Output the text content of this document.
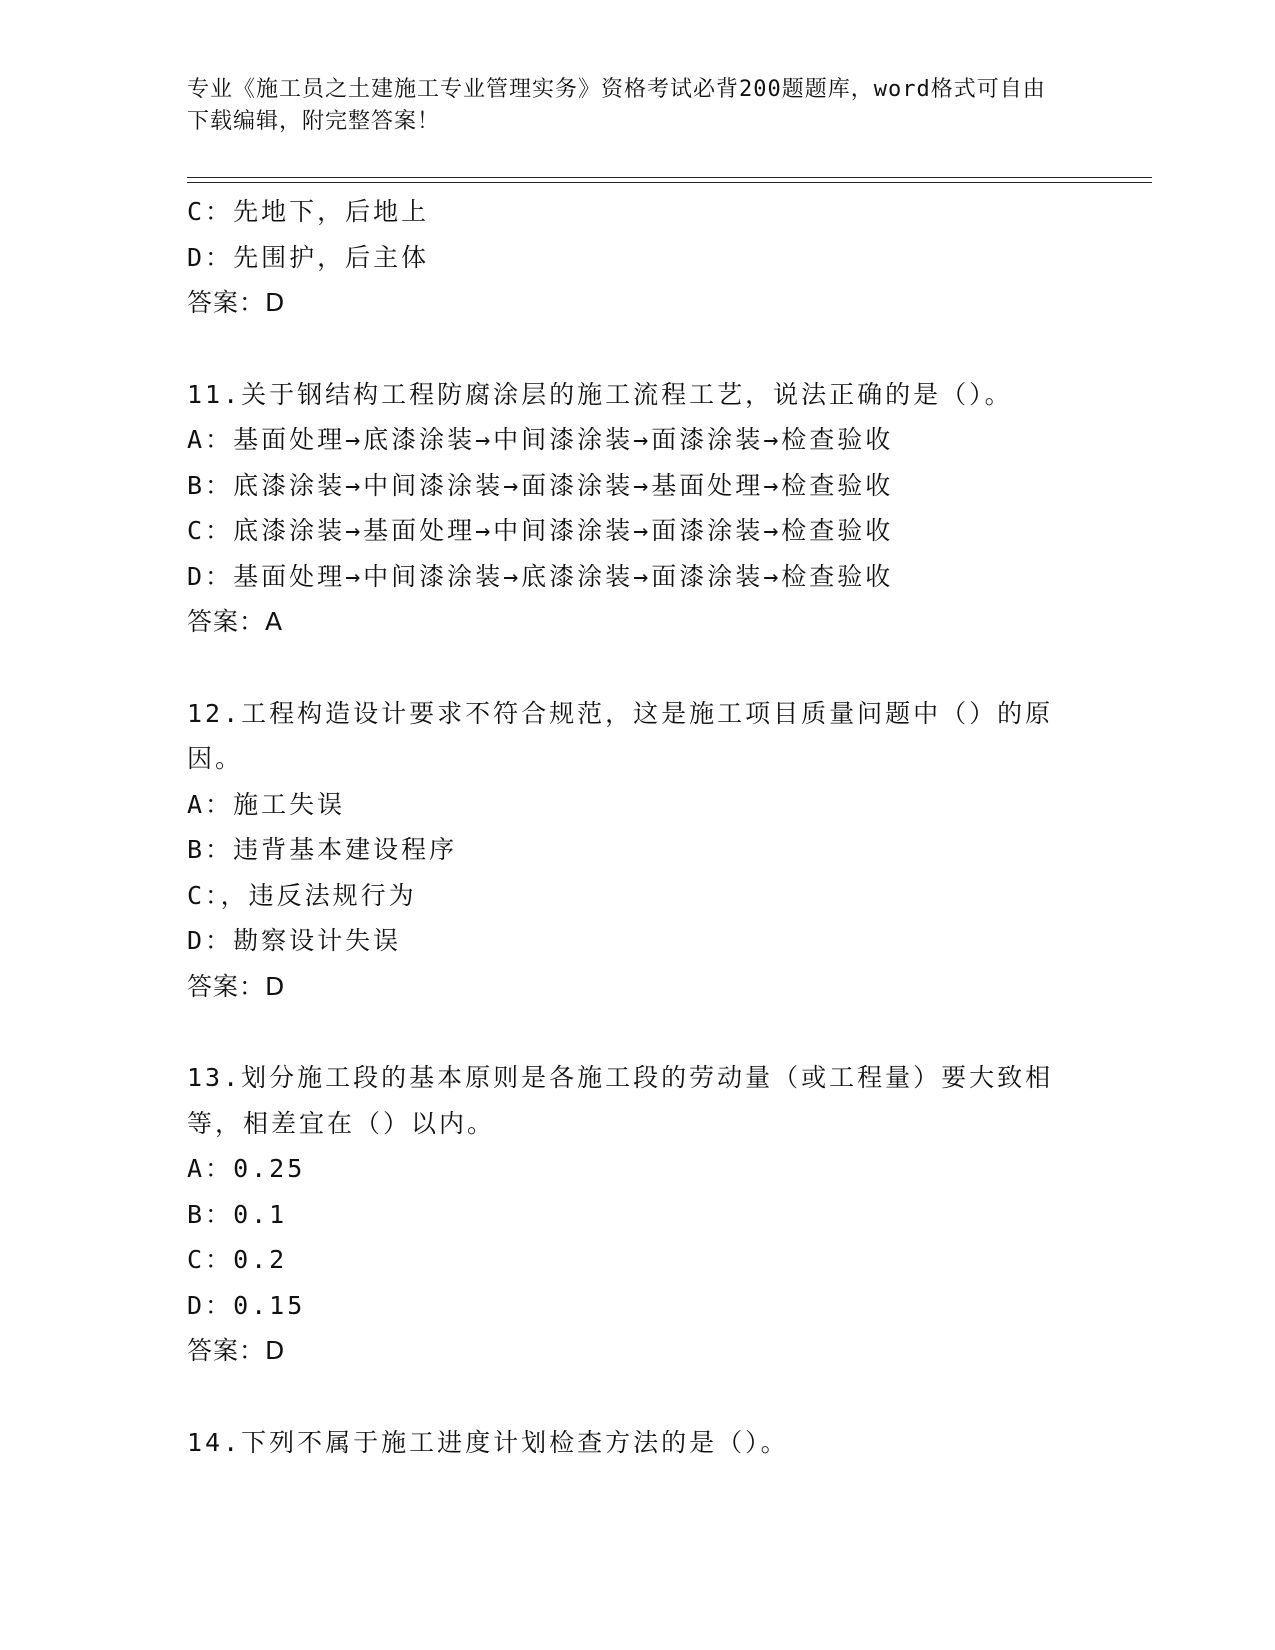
专业《施工员之土建施工专业管理实务》资格考试必背200题题库，word格式可自由下载编辑，附完整答案！
C：先地下，后地上
D：先围护，后主体
答案：D
11.关于钢结构工程防腐涂层的施工流程工艺，说法正确的是（）。
A：基面处理→底漆涂装→中间漆涂装→面漆涂装→检查验收
B：底漆涂装→中间漆涂装→面漆涂装→基面处理→检查验收
C：底漆涂装→基面处理→中间漆涂装→面漆涂装→检查验收
D：基面处理→中间漆涂装→底漆涂装→面漆涂装→检查验收
答案：A
12.工程构造设计要求不符合规范，这是施工项目质量问题中（）的原因。
A：施工失误
B：违背基本建设程序
C：，违反法规行为
D：勘察设计失误
答案：D
13.划分施工段的基本原则是各施工段的劳动量（或工程量）要大致相等，相差宜在（）以内。
A：0.25
B：0.1
C：0.2
D：0.15
答案：D
14.下列不属于施工进度计划检查方法的是（）。
